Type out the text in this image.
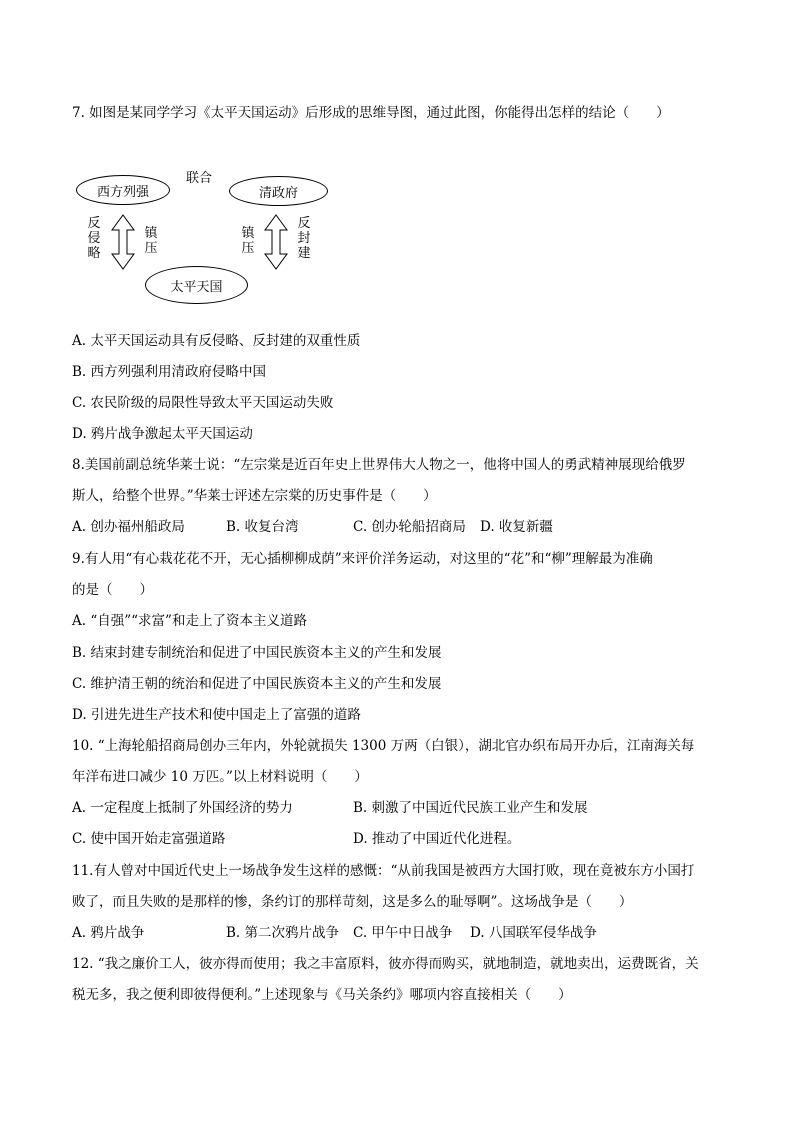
7. 如图是某同学学习《太平天国运动》后形成的思维导图，通过此图，你能得出怎样的结论（　　）
西方列强
联合
清政府
反侵略
镇压
镇压
反封建
太平天国
A. 太平天国运动具有反侵略、反封建的双重性质
B. 西方列强利用清政府侵略中国
C. 农民阶级的局限性导致太平天国运动失败
D. 鸦片战争激起太平天国运动
8.美国前副总统华莱士说：“左宗棠是近百年史上世界伟大人物之一，他将中国人的勇武精神展现给俄罗
斯人，给整个世界。”华莱士评述左宗棠的历史事件是（　　）
A. 创办福州船政局	B. 收复台湾	C. 创办轮船招商局 D. 收复新疆
9.有人用“有心栽花花不开，无心插柳柳成荫”来评价洋务运动，对这里的“花”和“柳”理解最为准确
的是（　　）
A. “自强”“求富”和走上了资本主义道路
B. 结束封建专制统治和促进了中国民族资本主义的产生和发展
C. 维护清王朝的统治和促进了中国民族资本主义的产生和发展
D. 引进先进生产技术和使中国走上了富强的道路
10. “上海轮船招商局创办三年内，外轮就损失 1300 万两（白银），湖北官办织布局开办后，江南海关每
年洋布进口减少 10 万匹。”以上材料说明（　　）
A. 一定程度上抵制了外国经济的势力	B. 刺激了中国近代民族工业产生和发展
C. 使中国开始走富强道路	D. 推动了中国近代化进程。
11.有人曾对中国近代史上一场战争发生这样的感慨：“从前我国是被西方大国打败，现在竟被东方小国打
败了，而且失败的是那样的惨，条约订的那样苛刻，这是多么的耻辱啊”。这场战争是（　　）
A. 鸦片战争	B. 第二次鸦片战争 C. 甲午中日战争 D. 八国联军侵华战争
12. “我之廉价工人，彼亦得而使用；我之丰富原料，彼亦得而购买，就地制造，就地卖出，运费既省，关
税无多，我之便利即彼得便利。”上述现象与《马关条约》哪项内容直接相关（　　）
